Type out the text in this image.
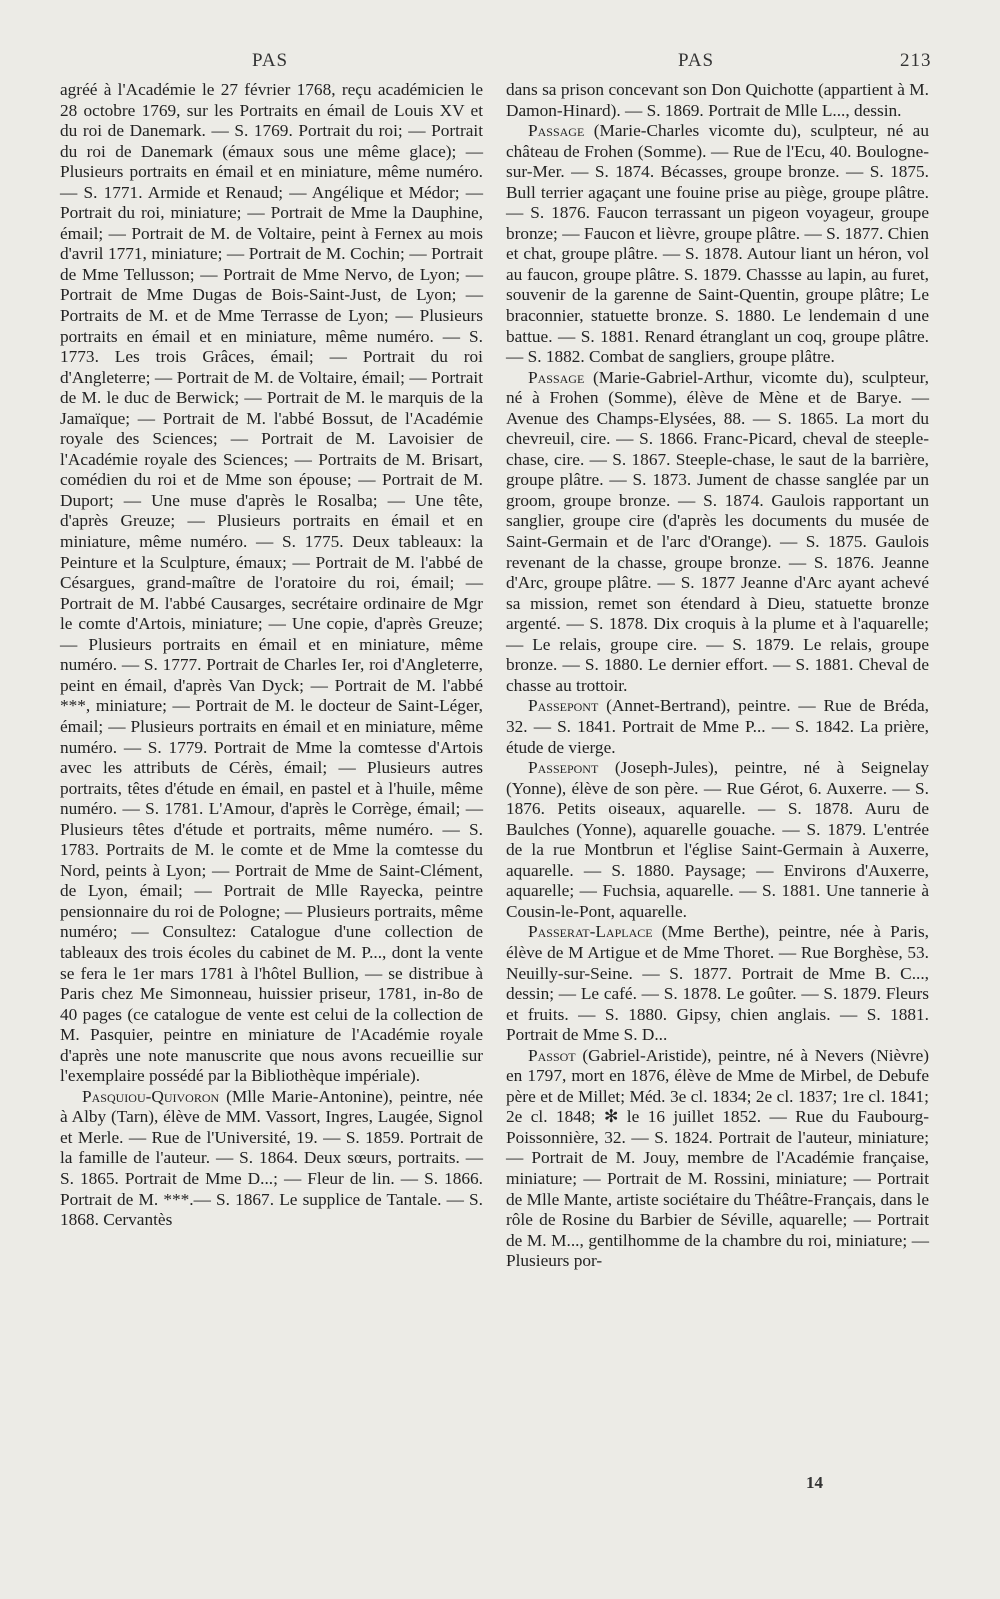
PAS	PAS	213

agréé à l'Académie le 27 février 1768, reçu académicien le 28 octobre 1769, sur les Portraits en émail de Louis XV et du roi de Danemark. — S. 1769. Portrait du roi; — Portrait du roi de Danemark (émaux sous une même glace); — Plusieurs portraits en émail et en miniature, même numéro. — S. 1771. Armide et Renaud; — Angélique et Médor; — Portrait du roi, miniature; — Portrait de Mme la Dauphine, émail; — Portrait de M. de Voltaire, peint à Fernex au mois d'avril 1771, miniature; — Portrait de M. Cochin; — Portrait de Mme Tellusson; — Portrait de Mme Nervo, de Lyon; — Portrait de Mme Dugas de Bois-Saint-Just, de Lyon; — Portraits de M. et de Mme Terrasse de Lyon; — Plusieurs portraits en émail et en miniature, même numéro. — S. 1773. Les trois Grâces, émail; — Portrait du roi d'Angleterre; — Portrait de M. de Voltaire, émail; — Portrait de M. le duc de Berwick; — Portrait de M. le marquis de la Jamaïque; — Portrait de M. l'abbé Bossut, de l'Académie royale des Sciences; — Portrait de M. Lavoisier de l'Académie royale des Sciences; — Portraits de M. Brisart, comédien du roi et de Mme son épouse; — Portrait de M. Duport; — Une muse d'après le Rosalba; — Une tête, d'après Greuze; — Plusieurs portraits en émail et en miniature, même numéro. — S. 1775. Deux tableaux: la Peinture et la Sculpture, émaux; — Portrait de M. l'abbé de Césargues, grand-maître de l'oratoire du roi, émail; — Portrait de M. l'abbé Causarges, secrétaire ordinaire de Mgr le comte d'Artois, miniature; — Une copie, d'après Greuze; — Plusieurs portraits en émail et en miniature, même numéro. — S. 1777. Portrait de Charles Ier, roi d'Angleterre, peint en émail, d'après Van Dyck; — Portrait de M. l'abbé ***, miniature; — Portrait de M. le docteur de Saint-Léger, émail; — Plusieurs portraits en émail et en miniature, même numéro. — S. 1779. Portrait de Mme la comtesse d'Artois avec les attributs de Cérès, émail; — Plusieurs autres portraits, têtes d'étude en émail, en pastel et à l'huile, même numéro. — S. 1781. L'Amour, d'après le Corrège, émail; — Plusieurs têtes d'étude et portraits, même numéro. — S. 1783. Portraits de M. le comte et de Mme la comtesse du Nord, peints à Lyon; — Portrait de Mme de Saint-Clément, de Lyon, émail; — Portrait de Mlle Rayecka, peintre pensionnaire du roi de Pologne; — Plusieurs portraits, même numéro; — Consultez: Catalogue d'une collection de tableaux des trois écoles du cabinet de M. P..., dont la vente se fera le 1er mars 1781 à l'hôtel Bullion, — se distribue à Paris chez Me Simonneau, huissier priseur, 1781, in-8o de 40 pages (ce catalogue de vente est celui de la collection de M. Pasquier, peintre en miniature de l'Académie royale d'après une note manuscrite que nous avons recueillie sur l'exemplaire possédé par la Bibliothèque impériale).

Pasquiou-Quivoron (Mlle Marie-Antonine), peintre, née à Alby (Tarn), élève de MM. Vassort, Ingres, Laugée, Signol et Merle. — Rue de l'Université, 19. — S. 1859. Portrait de la famille de l'auteur. — S. 1864. Deux sœurs, portraits. — S. 1865. Portrait de Mme D...; — Fleur de lin. — S. 1866. Portrait de M. ***.— S. 1867. Le supplice de Tantale. — S. 1868. Cervantès

dans sa prison concevant son Don Quichotte (appartient à M. Damon-Hinard). — S. 1869. Portrait de Mlle L..., dessin.

Passage (Marie-Charles vicomte du), sculpteur, né au château de Frohen (Somme). — Rue de l'Ecu, 40. Boulogne-sur-Mer. — S. 1874. Bécasses, groupe bronze. — S. 1875. Bull terrier agaçant une fouine prise au piège, groupe plâtre. — S. 1876. Faucon terrassant un pigeon voyageur, groupe bronze; — Faucon et lièvre, groupe plâtre. — S. 1877. Chien et chat, groupe plâtre. — S. 1878. Autour liant un héron, vol au faucon, groupe plâtre. S. 1879. Chassse au lapin, au furet, souvenir de la garenne de Saint-Quentin, groupe plâtre; Le braconnier, statuette bronze. S. 1880. Le lendemain d une battue. — S. 1881. Renard étranglant un coq, groupe plâtre. — S. 1882. Combat de sangliers, groupe plâtre.

Passage (Marie-Gabriel-Arthur, vicomte du), sculpteur, né à Frohen (Somme), élève de Mène et de Barye. — Avenue des Champs-Elysées, 88. — S. 1865. La mort du chevreuil, cire. — S. 1866. Franc-Picard, cheval de steeple-chase, cire. — S. 1867. Steeple-chase, le saut de la barrière, groupe plâtre. — S. 1873. Jument de chasse sanglée par un groom, groupe bronze. — S. 1874. Gaulois rapportant un sanglier, groupe cire (d'après les documents du musée de Saint-Germain et de l'arc d'Orange). — S. 1875. Gaulois revenant de la chasse, groupe bronze. — S. 1876. Jeanne d'Arc, groupe plâtre. — S. 1877 Jeanne d'Arc ayant achevé sa mission, remet son étendard à Dieu, statuette bronze argenté. — S. 1878. Dix croquis à la plume et à l'aquarelle; — Le relais, groupe cire. — S. 1879. Le relais, groupe bronze. — S. 1880. Le dernier effort. — S. 1881. Cheval de chasse au trottoir.

Passepont (Annet-Bertrand), peintre. — Rue de Bréda, 32. — S. 1841. Portrait de Mme P... — S. 1842. La prière, étude de vierge.

Passepont (Joseph-Jules), peintre, né à Seignelay (Yonne), élève de son père. — Rue Gérot, 6. Auxerre. — S. 1876. Petits oiseaux, aquarelle. — S. 1878. Auru de Baulches (Yonne), aquarelle gouache. — S. 1879. L'entrée de la rue Montbrun et l'église Saint-Germain à Auxerre, aquarelle. — S. 1880. Paysage; — Environs d'Auxerre, aquarelle; — Fuchsia, aquarelle. — S. 1881. Une tannerie à Cousin-le-Pont, aquarelle.

Passerat-Laplace (Mme Berthe), peintre, née à Paris, élève de M Artigue et de Mme Thoret. — Rue Borghèse, 53. Neuilly-sur-Seine. — S. 1877. Portrait de Mme B. C..., dessin; — Le café. — S. 1878. Le goûter. — S. 1879. Fleurs et fruits. — S. 1880. Gipsy, chien anglais. — S. 1881. Portrait de Mme S. D...

Passot (Gabriel-Aristide), peintre, né à Nevers (Nièvre) en 1797, mort en 1876, élève de Mme de Mirbel, de Debufe père et de Millet; Méd. 3e cl. 1834; 2e cl. 1837; 1re cl. 1841; 2e cl. 1848; ✻ le 16 juillet 1852. — Rue du Faubourg-Poissonnière, 32. — S. 1824. Portrait de l'auteur, miniature; — Portrait de M. Jouy, membre de l'Académie française, miniature; — Portrait de M. Rossini, miniature; — Portrait de Mlle Mante, artiste sociétaire du Théâtre-Français, dans le rôle de Rosine du Barbier de Séville, aquarelle; — Portrait de M. M..., gentilhomme de la chambre du roi, miniature; — Plusieurs por-

14
